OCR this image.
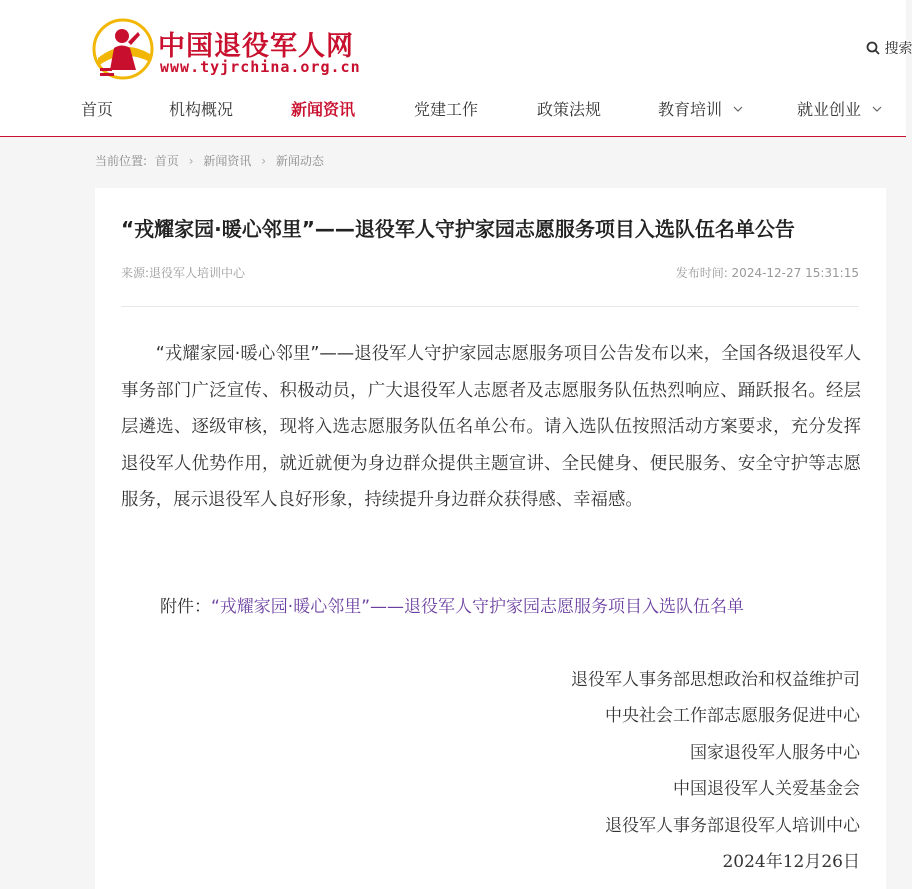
中国退役军人网
www.tyjrchina.org.cn
搜索
首页	机构概况	新闻资讯	党建工作	政策法规	教育培训	就业创业
当前位置: 首页 › 新闻资讯 › 新闻动态
“戎耀家园·暖心邻里”——退役军人守护家园志愿服务项目入选队伍名单公告
来源:退役军人培训中心	发布时间: 2024-12-27 15:31:15
“戎耀家园·暖心邻里”——退役军人守护家园志愿服务项目公告发布以来，全国各级退役军人事务部门广泛宣传、积极动员，广大退役军人志愿者及志愿服务队伍热烈响应、踊跃报名。经层层遴选、逐级审核，现将入选志愿服务队伍名单公布。请入选队伍按照活动方案要求，充分发挥退役军人优势作用，就近就便为身边群众提供主题宣讲、全民健身、便民服务、安全守护等志愿服务，展示退役军人良好形象，持续提升身边群众获得感、幸福感。
附件：“戎耀家园·暖心邻里”——退役军人守护家园志愿服务项目入选队伍名单
退役军人事务部思想政治和权益维护司
中央社会工作部志愿服务促进中心
国家退役军人服务中心
中国退役军人关爱基金会
退役军人事务部退役军人培训中心
2024年12月26日
